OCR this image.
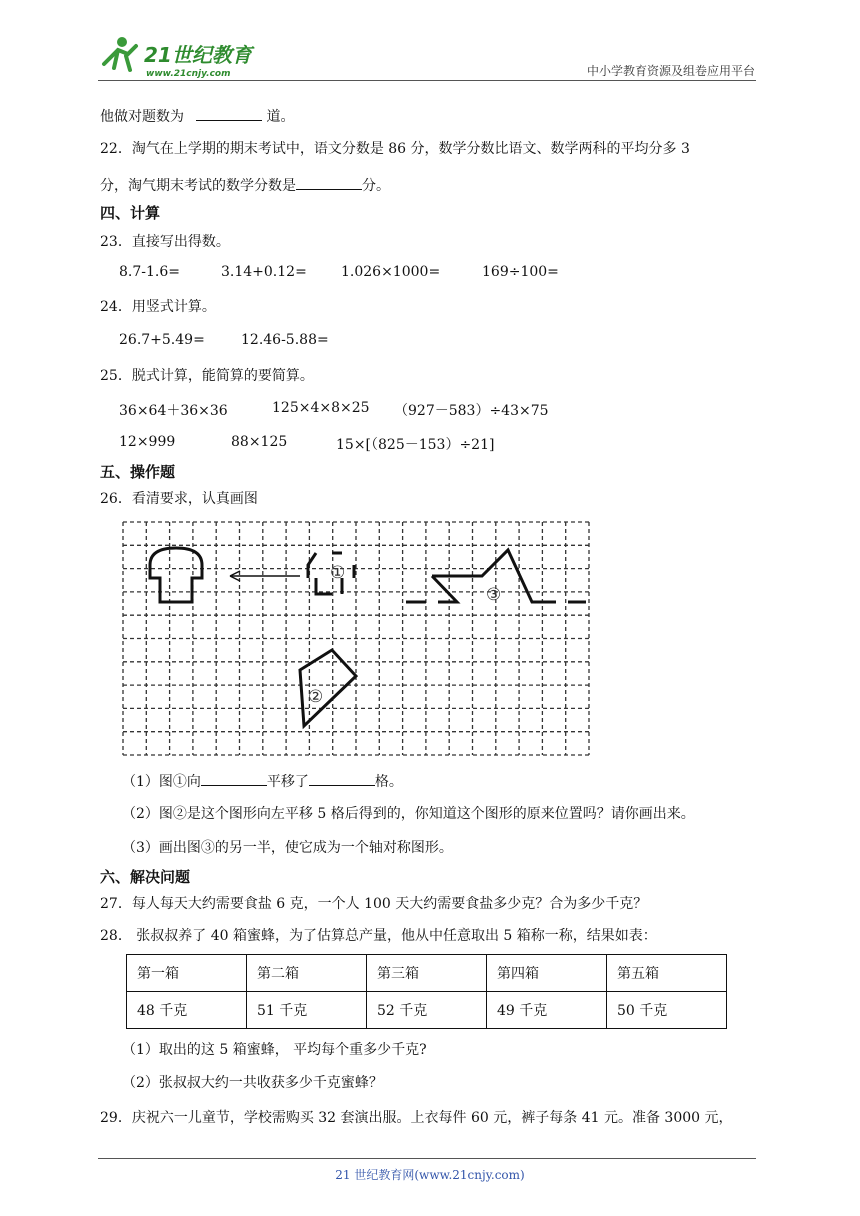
21世纪教育
www.21cnjy.com	中小学教育资源及组卷应用平台
他做对题数为	道。
22．淘气在上学期的期末考试中，语文分数是 86 分，数学分数比语文、数学两科的平均分多 3
分，淘气期末考试的数学分数是	分。
四、计算
23．直接写出得数。
8.7-1.6=	3.14+0.12= 1.026×1000=	169÷100=
24．用竖式计算。
26.7+5.49=	12.46-5.88=
25．脱式计算，能简算的要简算。
36×64＋36×36	125×4×8×25 （927－583）÷43×75
12×999	88×125	15×[（825－153）÷21]
五、操作题
26．看清要求，认真画图
①
③
②
（1）图①向	平移了	格。
（2）图②是这个图形向左平移 5 格后得到的，你知道这个图形的原来位置吗？请你画出来。
（3）画出图③的另一半，使它成为一个轴对称图形。
六、解决问题
27．每人每天大约需要食盐 6 克，一个人 100 天大约需要食盐多少克？合为多少千克？
28． 张叔叔养了 40 箱蜜蜂，为了估算总产量，他从中任意取出 5 箱称一称，结果如表：
第一箱	第二箱	第三箱	第四箱	第五箱
48 千克	51 千克	52 千克	49 千克	50 千克
（1）取出的这 5 箱蜜蜂， 平均每个重多少千克?
（2）张叔叔大约一共收获多少千克蜜蜂？
29．庆祝六一儿童节，学校需购买 32 套演出服。上衣每件 60 元，裤子每条 41 元。准备 3000 元，
21 世纪教育网(www.21cnjy.com)
